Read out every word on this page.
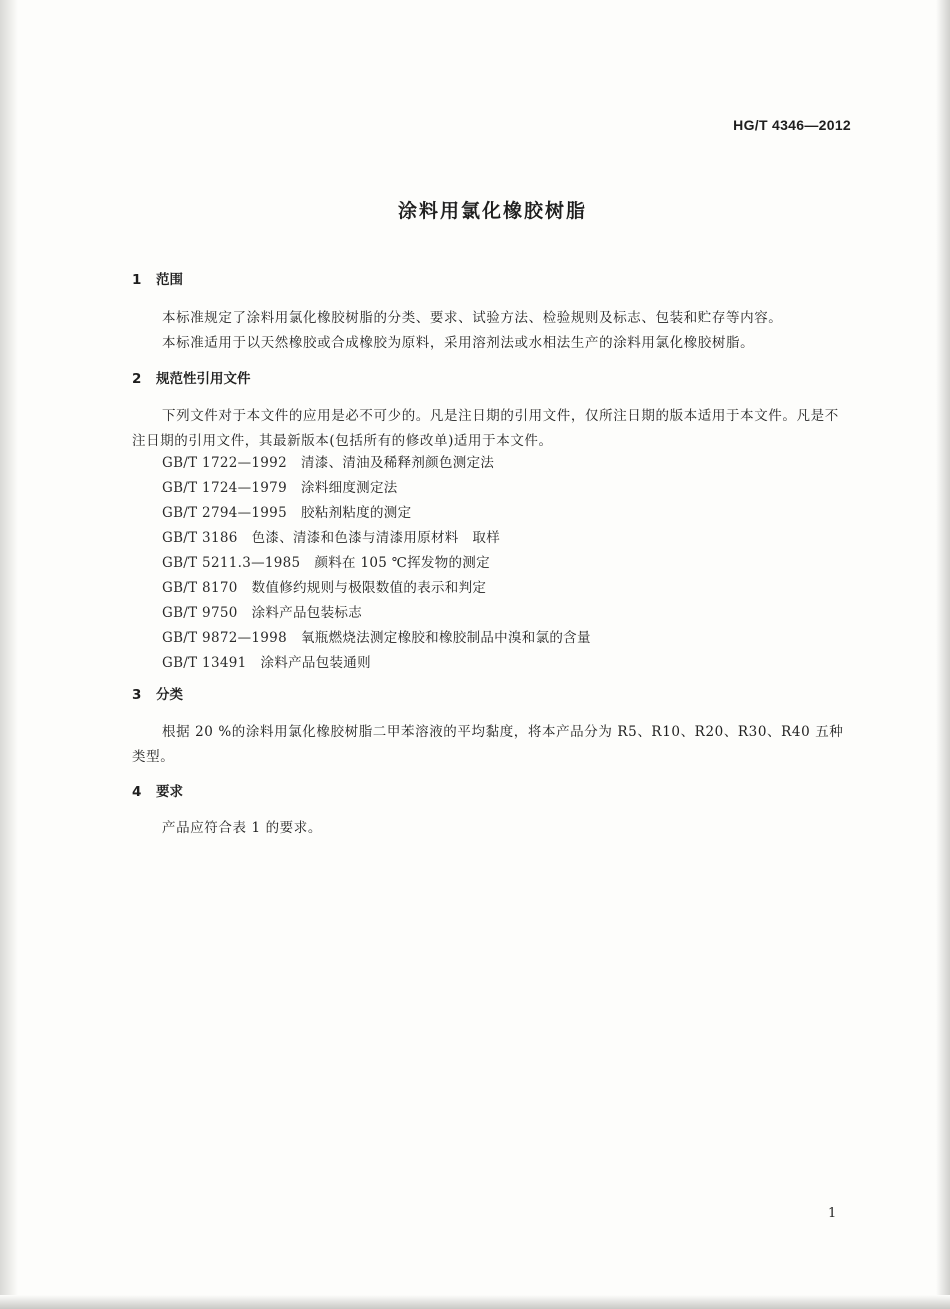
HG/T 4346—2012
涂料用氯化橡胶树脂
1 范围

本标准规定了涂料用氯化橡胶树脂的分类、要求、试验方法、检验规则及标志、包装和贮存等内容。

本标准适用于以天然橡胶或合成橡胶为原料，采用溶剂法或水相法生产的涂料用氯化橡胶树脂。

2 规范性引用文件

下列文件对于本文件的应用是必不可少的。凡是注日期的引用文件，仅所注日期的版本适用于本文件。凡是不注日期的引用文件，其最新版本(包括所有的修改单)适用于本文件。

GB/T 1722—1992 清漆、清油及稀释剂颜色测定法
GB/T 1724—1979 涂料细度测定法
GB/T 2794—1995 胶粘剂粘度的测定
GB/T 3186 色漆、清漆和色漆与清漆用原材料　取样
GB/T 5211.3—1985 颜料在 105 ℃挥发物的测定
GB/T 8170 数值修约规则与极限数值的表示和判定
GB/T 9750 涂料产品包装标志
GB/T 9872—1998 氧瓶燃烧法测定橡胶和橡胶制品中溴和氯的含量
GB/T 13491 涂料产品包装通则
3 分类

根据 20 %的涂料用氯化橡胶树脂二甲苯溶液的平均黏度，将本产品分为 R5、R10、R20、R30、R40 五种类型。

4 要求

产品应符合表 1 的要求。

1
